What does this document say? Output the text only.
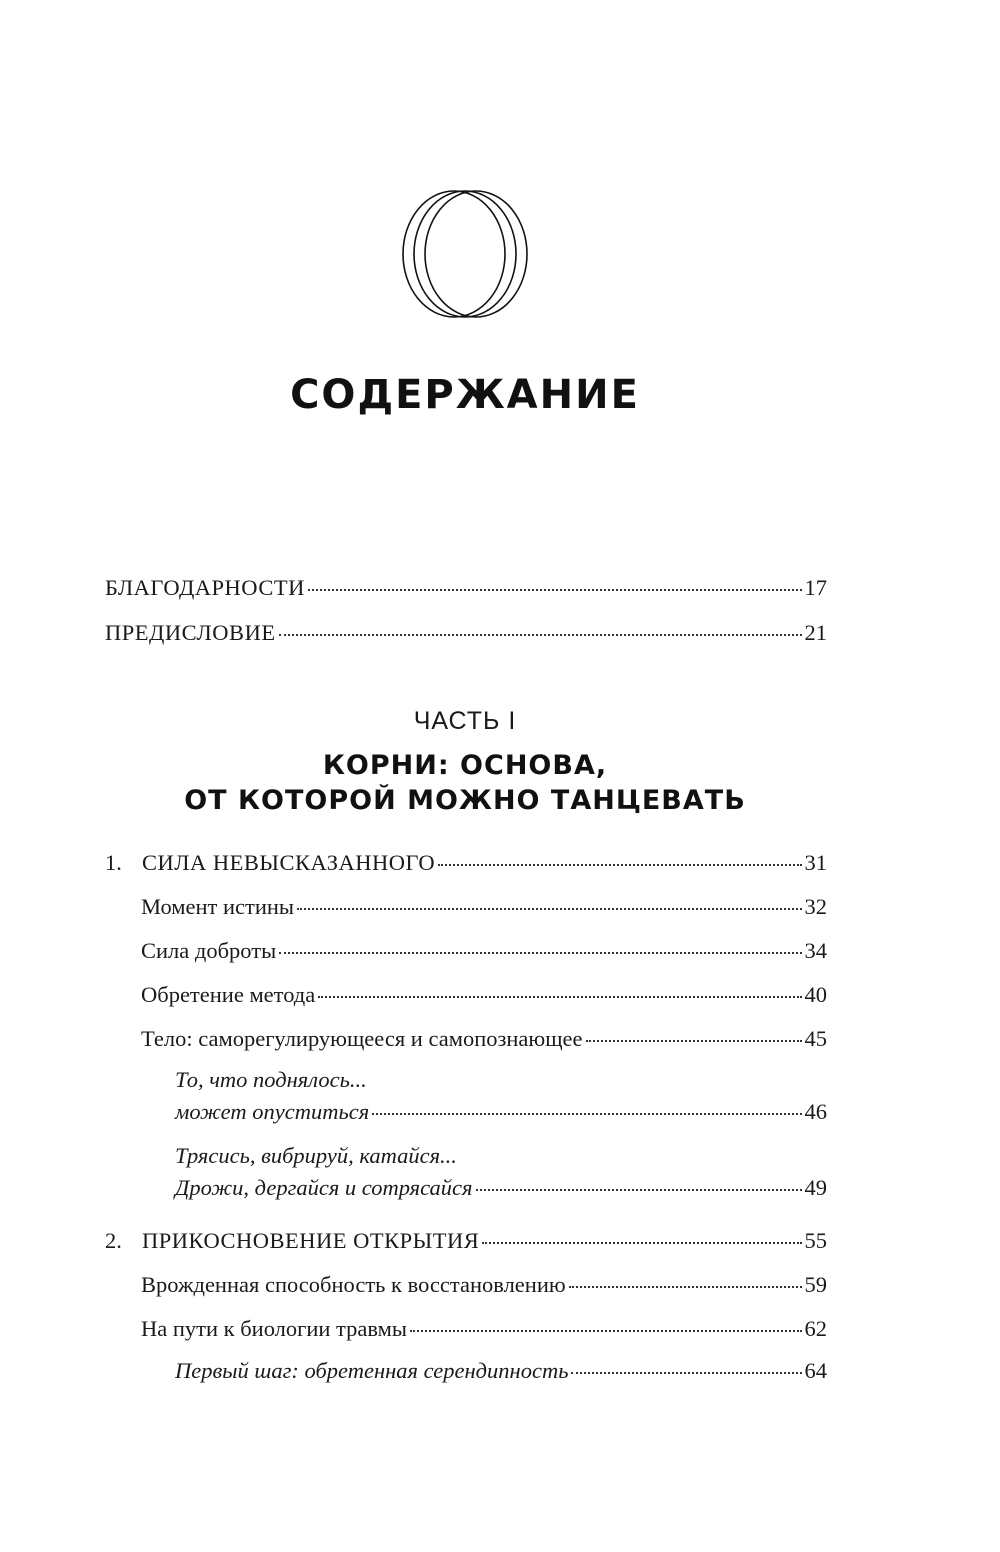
СОДЕРЖАНИЕ
БЛАГОДАРНОСТИ	17
ПРЕДИСЛОВИЕ	21
ЧАСТЬ I
КОРНИ: ОСНОВА,
ОТ КОТОРОЙ МОЖНО ТАНЦЕВАТЬ
1. СИЛА НЕВЫСКАЗАННОГО	31
Момент истины	32
Сила доброты	34
Обретение метода	40
Тело: саморегулирующееся и самопознающее	45
То, что поднялось...
может опуститься	46
Трясись, вибрируй, катайся...
Дрожи, дергайся и сотрясайся	49
2. ПРИКОСНОВЕНИЕ ОТКРЫТИЯ	55
Врожденная способность к восстановлению	59
На пути к биологии травмы	62
Первый шаг: обретенная серендипность	64
